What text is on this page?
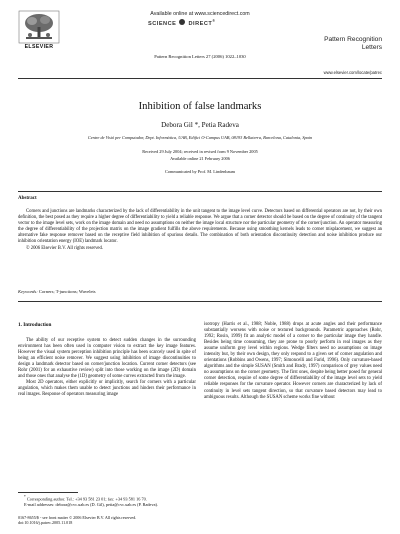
ELSEVIER
Available online at www.sciencedirect.com
SCIENCE DIRECT®
Pattern Recognition
Letters
Pattern Recognition Letters 27 (2006) 1022–1030
www.elsevier.com/locate/patrec
Inhibition of false landmarks
Debora Gil *, Petia Radeva
Centre de Visió per Computador, Dept. Informàtica, UAB, Edifici O-Campus UAB, 08193 Bellaterra, Barcelona, Catalonia, Spain
Received 29 July 2004; received in revised form 9 November 2005
Available online 21 February 2006
Communicated by Prof. M. Lindenbaum
Abstract
Corners and junctions are landmarks characterized by the lack of differentiability in the unit tangent to the image level curve. Detectors based on differential operators are not, by their own definition, the best posed as they require a higher degree of differentiability to yield a reliable response. We argue that a corner detector should be based on the degree of continuity of the tangent vector to the image level sets, work on the image domain and need no assumptions on neither the image local structure nor the particular geometry of the corner/junction. An operator measuring the degree of differentiability of the projection matrix on the image gradient fulfills the above requirements. Because using smoothing kernels leads to corner misplacement, we suggest an alternative fake response remover based on the receptive field inhibition of spurious details. The combination of both orientation discontinuity detection and noise inhibition produce our inhibition orientation energy (IOE) landmark locator.
© 2006 Elsevier B.V. All rights reserved.
Keywords: Corners; T-junctions; Wavelets
1. Introduction

The ability of our receptive system to detect sudden changes in the surrounding environment has been often used in computer vision to extract the key image features. However the visual system perception inhibition principle has been scarcely used in spite of being an efficient noise remover. We suggest using inhibition of image discontinuities to design a landmark detector based on corner/junction location. Current corner detectors (see Rohr (2001) for an exhaustive review) split into those working on the image (2D) domain and those ones that analyse the (1D) geometry of some curves extracted from the image.

Most 2D operators, either explicitly or implicitly, search for corners with a particular angulation, which makes them unable to detect junctions and hinders their performance in real images. Response of operators measuring image

* Corresponding author. Tel.: +34 93 581 23 01; fax: +34 93 581 16 70.
E-mail addresses: debora@cvc.uab.es (D. Gil), petia@cvc.uab.es (P. Radeva).

isotropy (Harris et al., 1988; Noble, 1988) drops at acute angles and their performance substantially worsens with noise or textured backgrounds. Parametric approaches (Rohr, 1992; Rosin, 1999) fit an analytic model of a corner to the particular image they handle. Besides being time consuming, they are prone to poorly perform in real images as they assume uniform grey level within regions. Wedge filters need no assumptions on image intensity but, by their own design, they only respond to a given set of corner angulation and orientations (Robbins and Owens, 1997; Simoncelli and Farid, 1996). Only curvature-based algorithms and the simple SUSAN (Smith and Brady, 1997) comparison of grey values need no assumptions on the corner geometry. The first ones, despite being better posed for general corner detection, require of some degree of differentiability of the image level sets to yield reliable responses for the curvature operator. However corners are characterized by lack of continuity in level sets tangent direction, so that curvature based detectors may lead to ambiguous results. Although the SUSAN scheme works fine without

0167-8655/$ - see front matter © 2006 Elsevier B.V. All rights reserved.
doi:10.1016/j.patrec.2005.11.018
